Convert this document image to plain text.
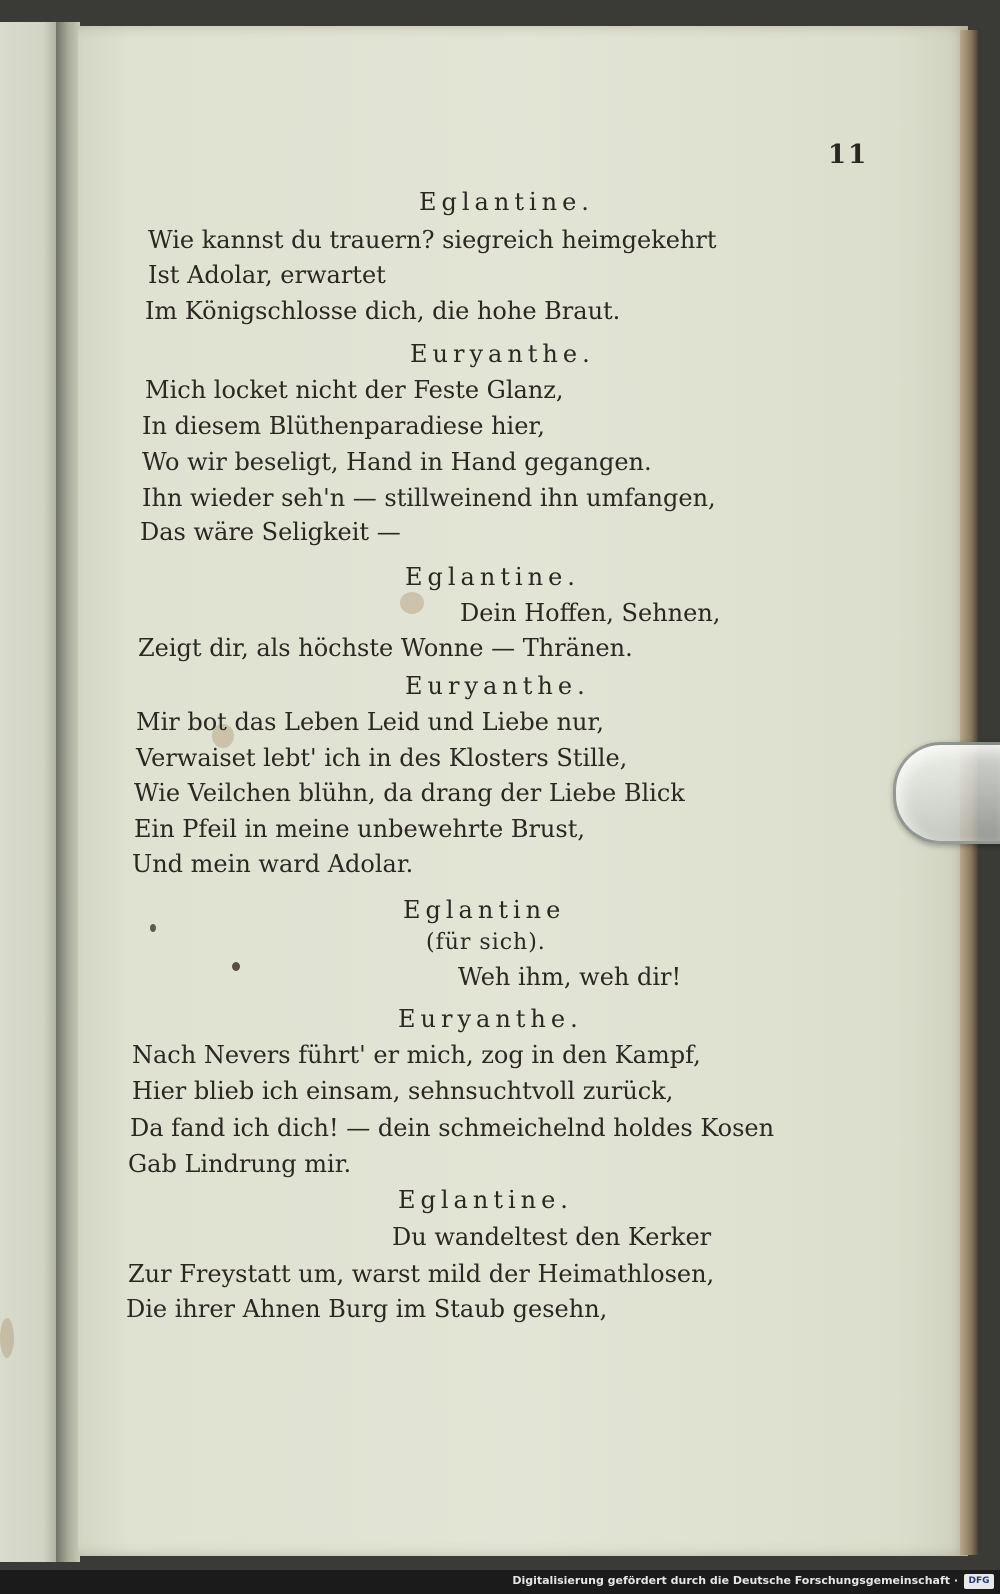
11

Eglantine.

Wie kannst du trauern? siegreich heimgekehrt

Ist Adolar, erwartet

Im Königschlosse dich, die hohe Braut.

Euryanthe.

Mich locket nicht der Feste Glanz,

In diesem Blüthenparadiese hier,

Wo wir beseligt, Hand in Hand gegangen.

Ihn wieder seh'n — stillweinend ihn umfangen,

Das wäre Seligkeit —

Eglantine.

Dein Hoffen, Sehnen,

Zeigt dir, als höchste Wonne — Thränen.

Euryanthe.

Mir bot das Leben Leid und Liebe nur,

Verwaiset lebt' ich in des Klosters Stille,

Wie Veilchen blühn, da drang der Liebe Blick

Ein Pfeil in meine unbewehrte Brust,

Und mein ward Adolar.

Eglantine

(für sich).

Weh ihm, weh dir!

Euryanthe.

Nach Nevers führt' er mich, zog in den Kampf,

Hier blieb ich einsam, sehnsuchtvoll zurück,

Da fand ich dich! — dein schmeichelnd holdes Kosen

Gab Lindrung mir.

Eglantine.

Du wandeltest den Kerker

Zur Freystatt um, warst mild der Heimathlosen,

Die ihrer Ahnen Burg im Staub gesehn,

Digitalisierung gefördert durch die Deutsche Forschungsgemeinschaft ·	DFG
